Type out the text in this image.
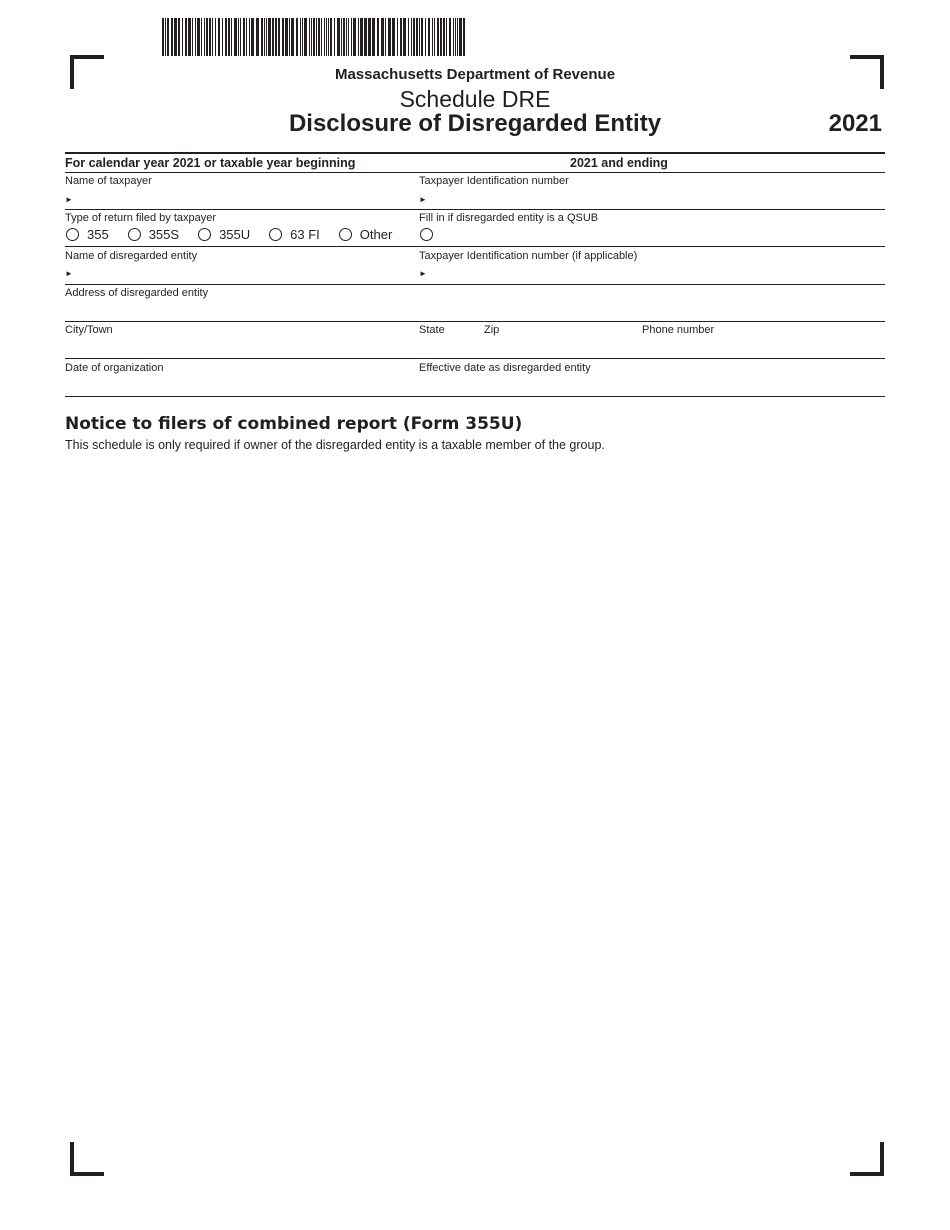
Massachusetts Department of Revenue
Schedule DRE
Disclosure of Disregarded Entity	2021
For calendar year 2021 or taxable year beginning	2021 and ending
Name of taxpayer
►
Taxpayer Identification number
►
Type of return filed by taxpayer
355	355S	355U	63 FI	Other
Fill in if disregarded entity is a QSUB
Name of disregarded entity
►
Taxpayer Identification number (if applicable)
►
Address of disregarded entity
City/Town	State	Zip	Phone number
Date of organization	Effective date as disregarded entity
Notice to filers of combined report (Form 355U)
This schedule is only required if owner of the disregarded entity is a taxable member of the group.
